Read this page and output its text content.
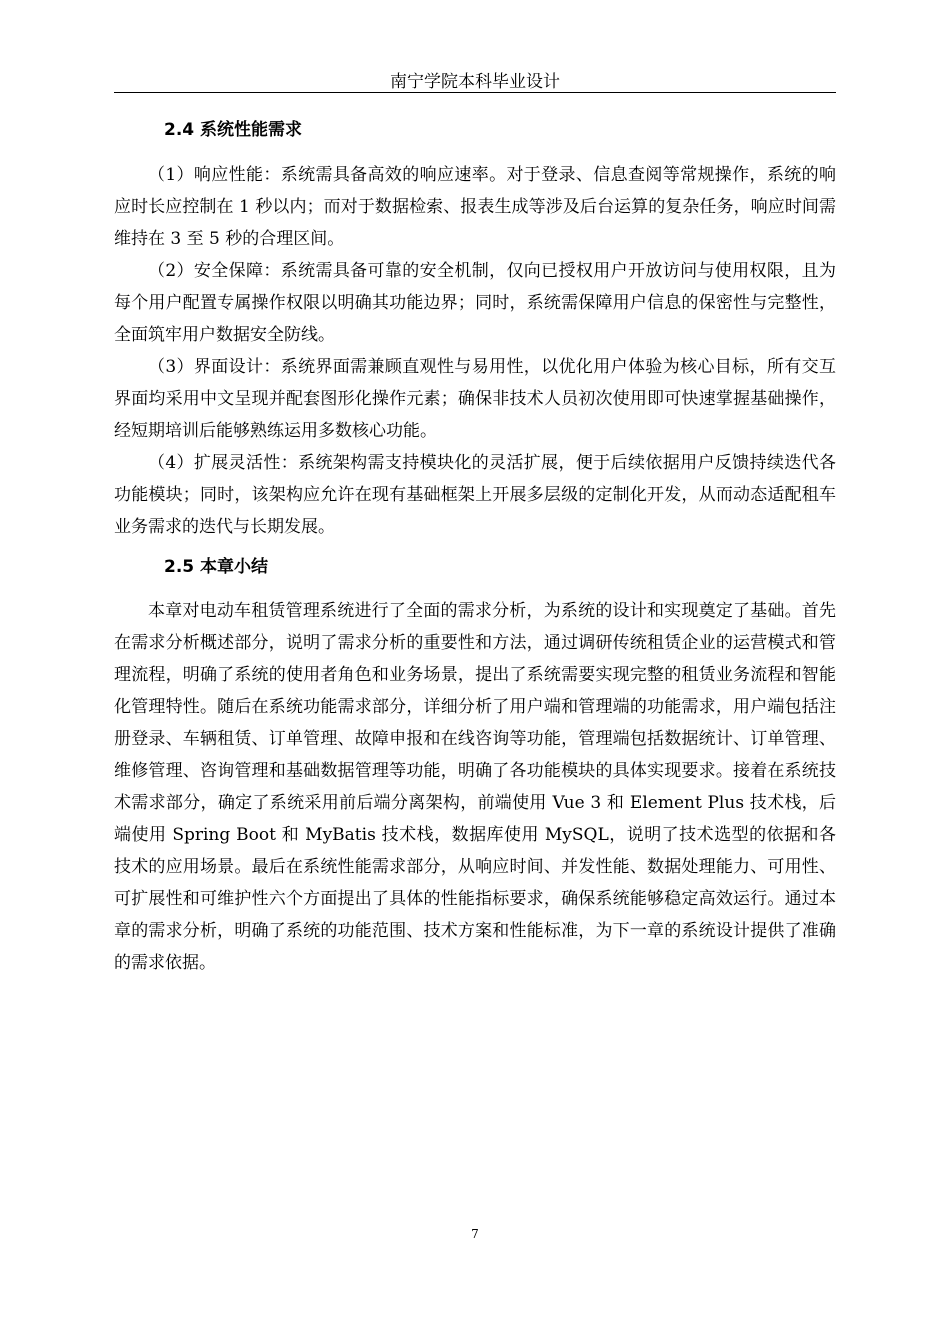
南宁学院本科毕业设计
2.4 系统性能需求

（1）响应性能：系统需具备高效的响应速率。对于登录、信息查阅等常规操作，系统的响应时长应控制在 1 秒以内；而对于数据检索、报表生成等涉及后台运算的复杂任务，响应时间需维持在 3 至 5 秒的合理区间。

（2）安全保障：系统需具备可靠的安全机制，仅向已授权用户开放访问与使用权限，且为每个用户配置专属操作权限以明确其功能边界；同时，系统需保障用户信息的保密性与完整性，全面筑牢用户数据安全防线。

（3）界面设计：系统界面需兼顾直观性与易用性，以优化用户体验为核心目标，所有交互界面均采用中文呈现并配套图形化操作元素；确保非技术人员初次使用即可快速掌握基础操作，经短期培训后能够熟练运用多数核心功能。

（4）扩展灵活性：系统架构需支持模块化的灵活扩展，便于后续依据用户反馈持续迭代各功能模块；同时，该架构应允许在现有基础框架上开展多层级的定制化开发，从而动态适配租车业务需求的迭代与长期发展。

2.5 本章小结

本章对电动车租赁管理系统进行了全面的需求分析，为系统的设计和实现奠定了基础。首先在需求分析概述部分，说明了需求分析的重要性和方法，通过调研传统租赁企业的运营模式和管理流程，明确了系统的使用者角色和业务场景，提出了系统需要实现完整的租赁业务流程和智能化管理特性。随后在系统功能需求部分，详细分析了用户端和管理端的功能需求，用户端包括注册登录、车辆租赁、订单管理、故障申报和在线咨询等功能，管理端包括数据统计、订单管理、维修管理、咨询管理和基础数据管理等功能，明确了各功能模块的具体实现要求。接着在系统技术需求部分，确定了系统采用前后端分离架构，前端使用 Vue 3 和 Element Plus 技术栈，后端使用 Spring Boot 和 MyBatis 技术栈，数据库使用 MySQL，说明了技术选型的依据和各技术的应用场景。最后在系统性能需求部分，从响应时间、并发性能、数据处理能力、可用性、可扩展性和可维护性六个方面提出了具体的性能指标要求，确保系统能够稳定高效运行。通过本章的需求分析，明确了系统的功能范围、技术方案和性能标准，为下一章的系统设计提供了准确的需求依据。

7
